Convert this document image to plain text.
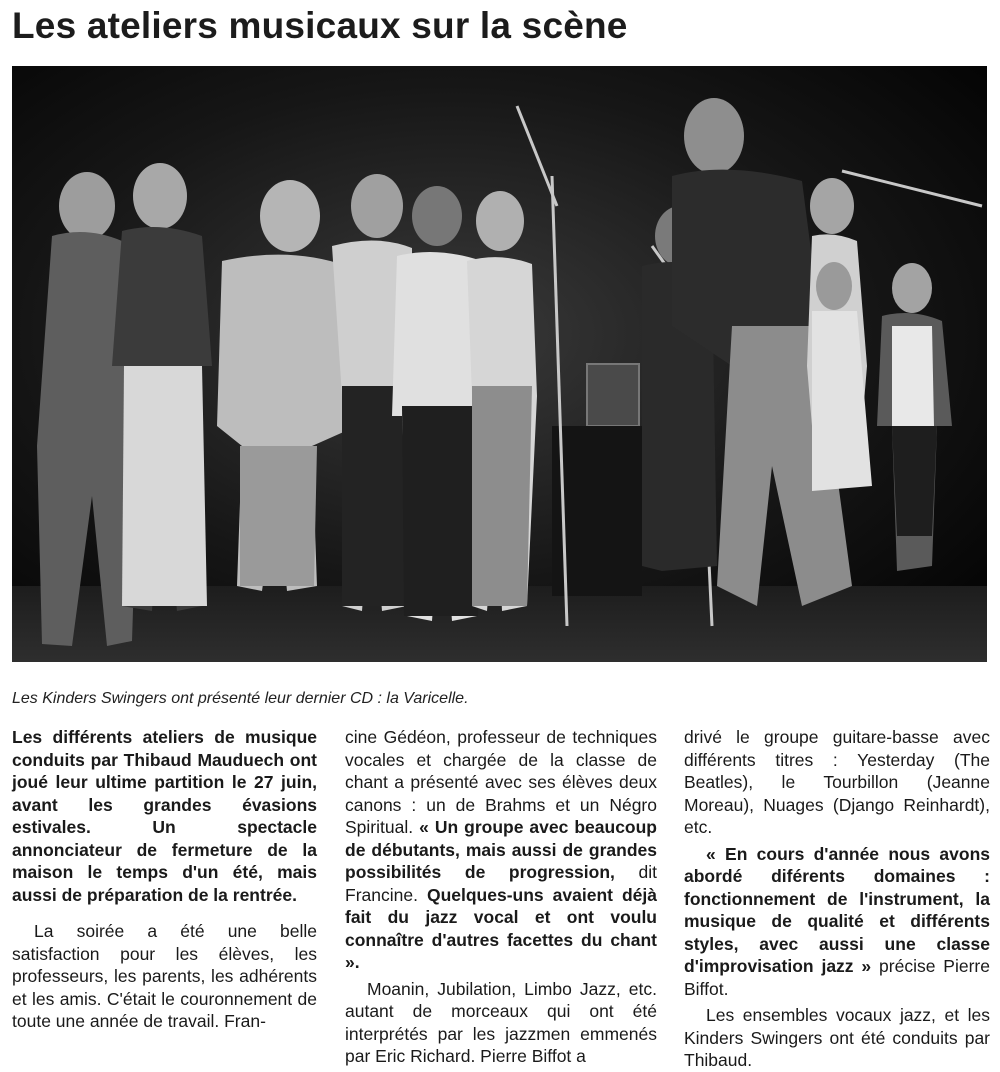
Les ateliers musicaux sur la scène

Les Kinders Swingers ont présenté leur dernier CD : la Varicelle.

Les différents ateliers de musique conduits par Thibaud Mauduech ont joué leur ultime partition le 27 juin, avant les grandes évasions estivales. Un spectacle annonciateur de fermeture de la maison le temps d'un été, mais aussi de préparation de la rentrée.

La soirée a été une belle satisfaction pour les élèves, les professeurs, les parents, les adhérents et les amis. C'était le couronnement de toute une année de travail. Fran-

cine Gédéon, professeur de techniques vocales et chargée de la classe de chant a présenté avec ses élèves deux canons : un de Brahms et un Négro Spiritual. « Un groupe avec beaucoup de débutants, mais aussi de grandes possibilités de progression, dit Francine. Quelques-uns avaient déjà fait du jazz vocal et ont voulu connaître d'autres facettes du chant ».

Moanin, Jubilation, Limbo Jazz, etc. autant de morceaux qui ont été interprétés par les jazzmen emmenés par Eric Richard. Pierre Biffot a

drivé le groupe guitare-basse avec différents titres : Yesterday (The Beatles), le Tourbillon (Jeanne Moreau), Nuages (Django Reinhardt), etc.

« En cours d'année nous avons abordé diférents domaines : fonctionnement de l'instrument, la musique de qualité et différents styles, avec aussi une classe d'improvisation jazz » précise Pierre Biffot.

Les ensembles vocaux jazz, et les Kinders Swingers ont été conduits par Thibaud.
